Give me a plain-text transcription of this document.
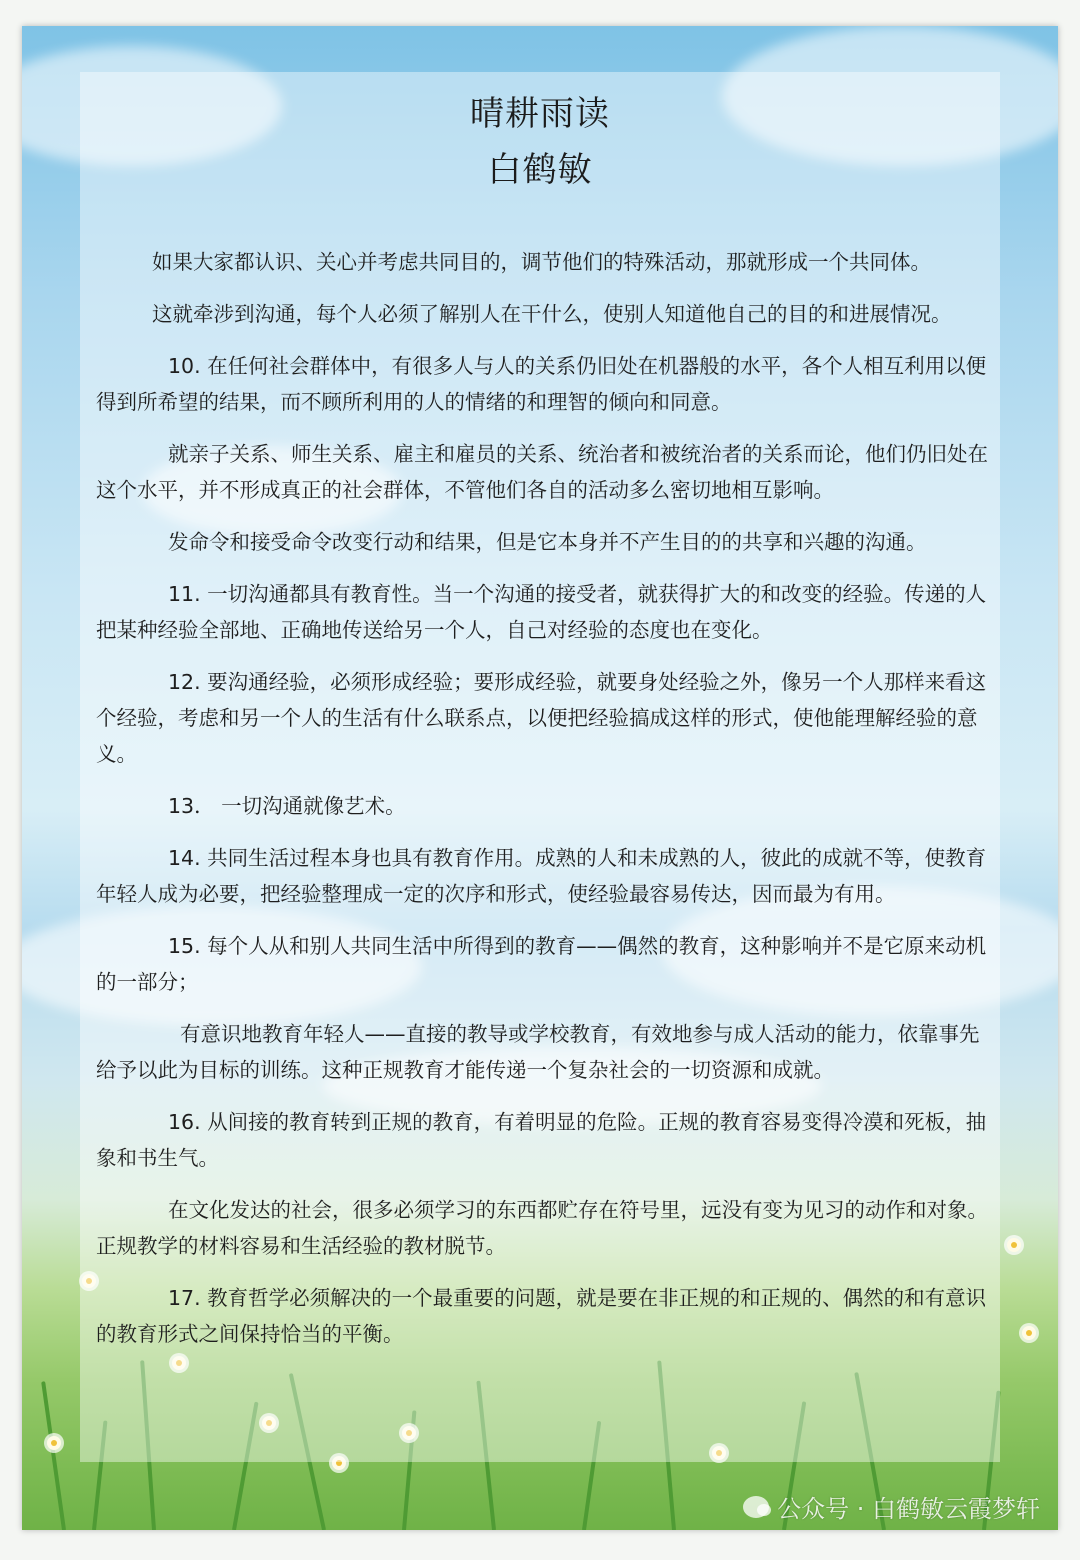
晴耕雨读
白鹤敏

如果大家都认识、关心并考虑共同目的，调节他们的特殊活动，那就形成一个共同体。

这就牵涉到沟通，每个人必须了解别人在干什么，使别人知道他自己的目的和进展情况。

10. 在任何社会群体中，有很多人与人的关系仍旧处在机器般的水平，各个人相互利用以便得到所希望的结果，而不顾所利用的人的情绪的和理智的倾向和同意。

就亲子关系、师生关系、雇主和雇员的关系、统治者和被统治者的关系而论，他们仍旧处在这个水平，并不形成真正的社会群体，不管他们各自的活动多么密切地相互影响。

发命令和接受命令改变行动和结果，但是它本身并不产生目的的共享和兴趣的沟通。

11. 一切沟通都具有教育性。当一个沟通的接受者，就获得扩大的和改变的经验。传递的人把某种经验全部地、正确地传送给另一个人，自己对经验的态度也在变化。

12. 要沟通经验，必须形成经验；要形成经验，就要身处经验之外，像另一个人那样来看这个经验，考虑和另一个人的生活有什么联系点，以便把经验搞成这样的形式，使他能理解经验的意义。

13． 一切沟通就像艺术。

14. 共同生活过程本身也具有教育作用。成熟的人和未成熟的人，彼此的成就不等，使教育年轻人成为必要，把经验整理成一定的次序和形式，使经验最容易传达，因而最为有用。

15. 每个人从和别人共同生活中所得到的教育——偶然的教育，这种影响并不是它原来动机的一部分；

有意识地教育年轻人——直接的教导或学校教育，有效地参与成人活动的能力，依靠事先给予以此为目标的训练。这种正规教育才能传递一个复杂社会的一切资源和成就。

16. 从间接的教育转到正规的教育，有着明显的危险。正规的教育容易变得冷漠和死板，抽象和书生气。

在文化发达的社会，很多必须学习的东西都贮存在符号里，远没有变为见习的动作和对象。正规教学的材料容易和生活经验的教材脱节。

17. 教育哲学必须解决的一个最重要的问题，就是要在非正规的和正规的、偶然的和有意识的教育形式之间保持恰当的平衡。

公众号 · 白鹤敏云霞梦轩
